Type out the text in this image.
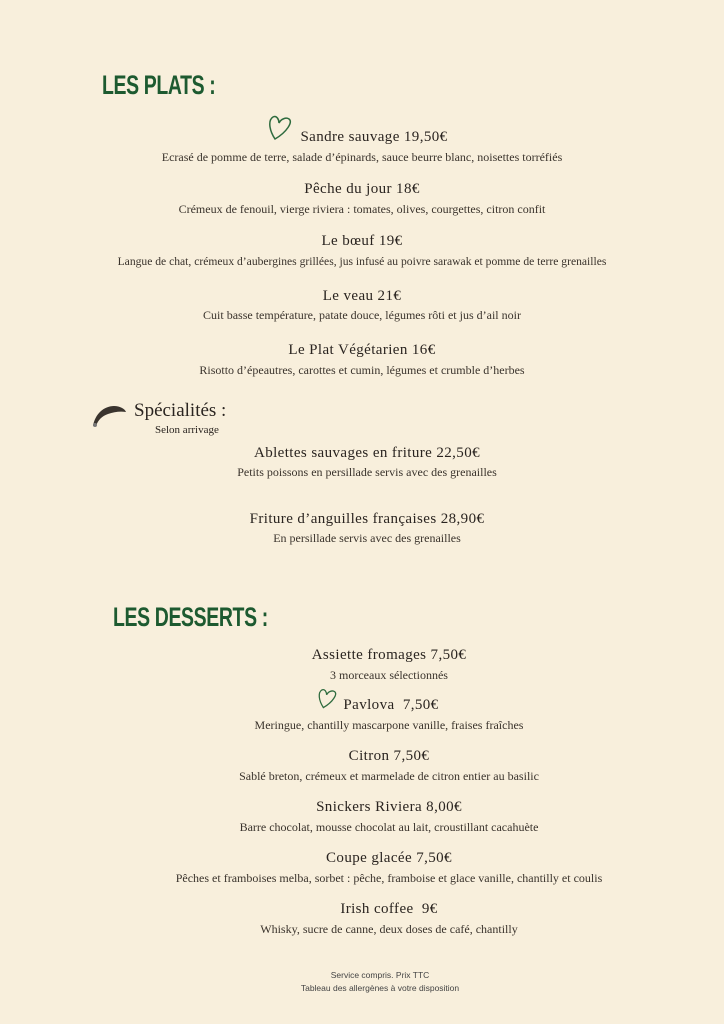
LES PLATS :
Sandre sauvage 19,50€
Ecrasé de pomme de terre, salade d’épinards, sauce beurre blanc, noisettes torréfiés
Pêche du jour 18€
Crémeux de fenouil, vierge riviera : tomates, olives, courgettes, citron confit
Le bœuf 19€
Langue de chat, crémeux d’aubergines grillées, jus infusé au poivre sarawak et pomme de terre grenailles
Le veau 21€
Cuit basse température, patate douce, légumes rôti et jus d’ail noir
Le Plat Végétarien 16€
Risotto d’épeautres, carottes et cumin, légumes et crumble d’herbes
Spécialités :
Selon arrivage
Ablettes sauvages en friture 22,50€
Petits poissons en persillade servis avec des grenailles
Friture d’anguilles françaises 28,90€
En persillade servis avec des grenailles
LES DESSERTS :
Assiette fromages 7,50€
3 morceaux sélectionnés
Pavlova  7,50€
Meringue, chantilly mascarpone vanille, fraises fraîches
Citron 7,50€
Sablé breton, crémeux et marmelade de citron entier au basilic
Snickers Riviera 8,00€
Barre chocolat, mousse chocolat au lait, croustillant cacahuète
Coupe glacée 7,50€
Pêches et framboises melba, sorbet : pêche, framboise et glace vanille, chantilly et coulis
Irish coffee  9€
Whisky, sucre de canne, deux doses de café, chantilly
Service compris. Prix TTC
Tableau des allergènes à votre disposition
